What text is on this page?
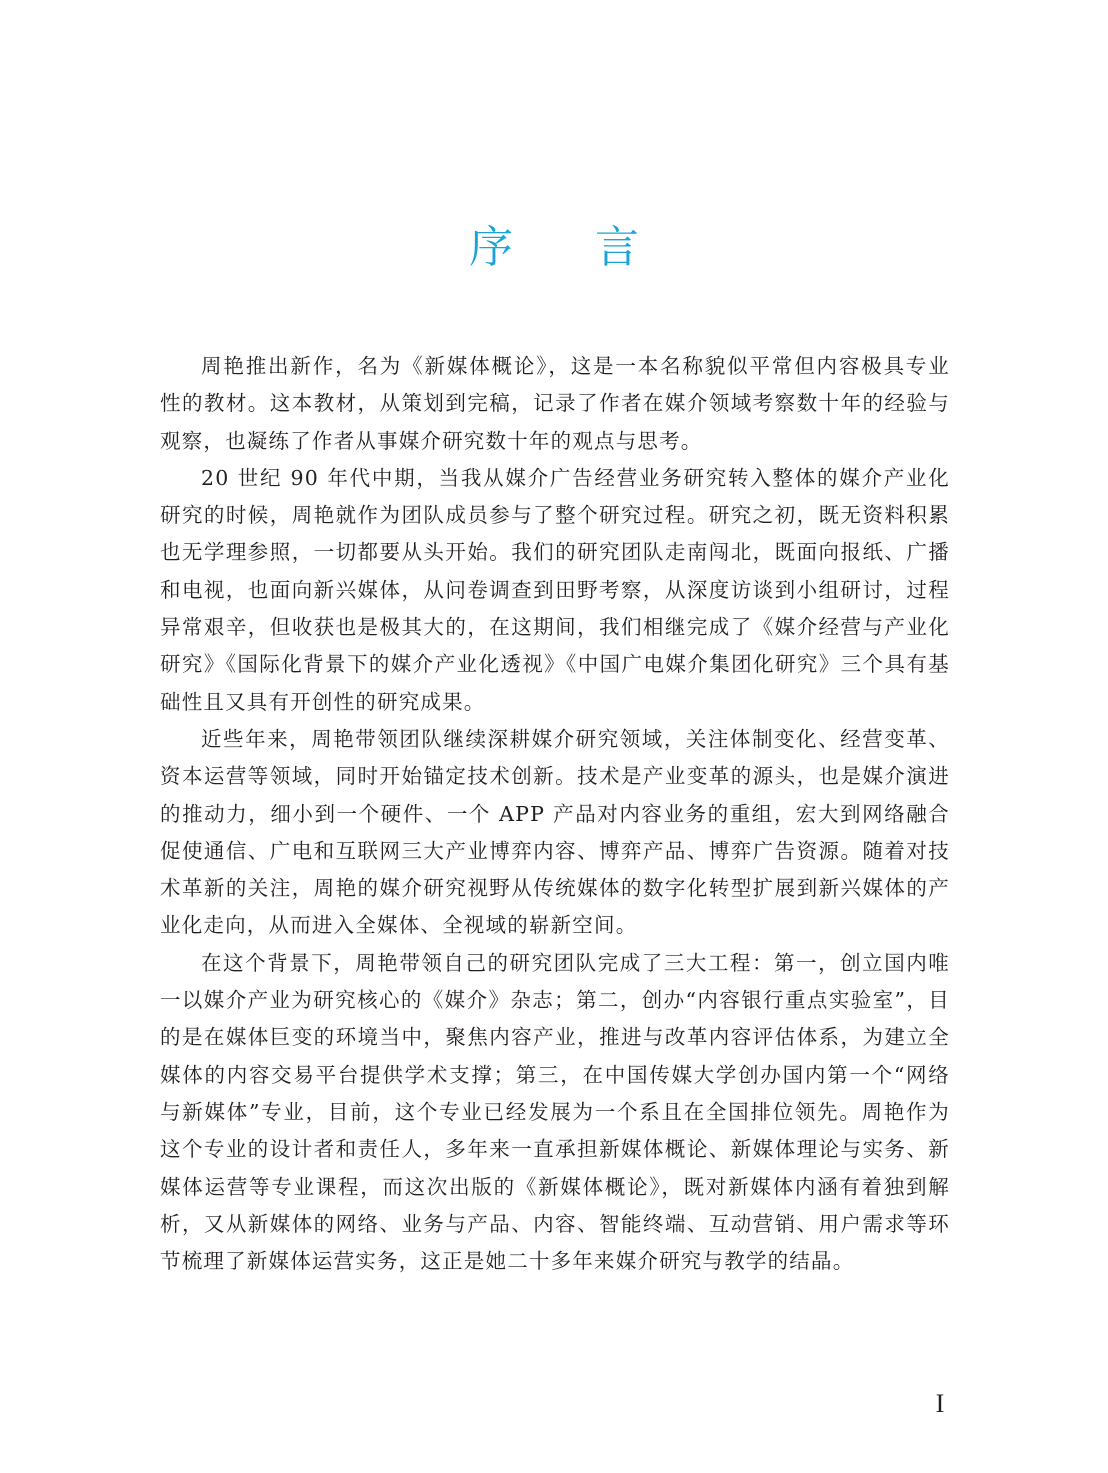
序言

周艳推出新作，名为《新媒体概论》，这是一本名称貌似平常但内容极具专业性的教材。这本教材，从策划到完稿，记录了作者在媒介领域考察数十年的经验与观察，也凝练了作者从事媒介研究数十年的观点与思考。

20 世纪 90 年代中期，当我从媒介广告经营业务研究转入整体的媒介产业化研究的时候，周艳就作为团队成员参与了整个研究过程。研究之初，既无资料积累也无学理参照，一切都要从头开始。我们的研究团队走南闯北，既面向报纸、广播和电视，也面向新兴媒体，从问卷调查到田野考察，从深度访谈到小组研讨，过程异常艰辛，但收获也是极其大的，在这期间，我们相继完成了《媒介经营与产业化研究》《国际化背景下的媒介产业化透视》《中国广电媒介集团化研究》三个具有基础性且又具有开创性的研究成果。

近些年来，周艳带领团队继续深耕媒介研究领域，关注体制变化、经营变革、资本运营等领域，同时开始锚定技术创新。技术是产业变革的源头，也是媒介演进的推动力，细小到一个硬件、一个 APP 产品对内容业务的重组，宏大到网络融合促使通信、广电和互联网三大产业博弈内容、博弈产品、博弈广告资源。随着对技术革新的关注，周艳的媒介研究视野从传统媒体的数字化转型扩展到新兴媒体的产业化走向，从而进入全媒体、全视域的崭新空间。

在这个背景下，周艳带领自己的研究团队完成了三大工程：第一，创立国内唯一以媒介产业为研究核心的《媒介》杂志；第二，创办“内容银行重点实验室”，目的是在媒体巨变的环境当中，聚焦内容产业，推进与改革内容评估体系，为建立全媒体的内容交易平台提供学术支撑；第三，在中国传媒大学创办国内第一个“网络与新媒体”专业，目前，这个专业已经发展为一个系且在全国排位领先。周艳作为这个专业的设计者和责任人，多年来一直承担新媒体概论、新媒体理论与实务、新媒体运营等专业课程，而这次出版的《新媒体概论》，既对新媒体内涵有着独到解析，又从新媒体的网络、业务与产品、内容、智能终端、互动营销、用户需求等环节梳理了新媒体运营实务，这正是她二十多年来媒介研究与教学的结晶。

I
